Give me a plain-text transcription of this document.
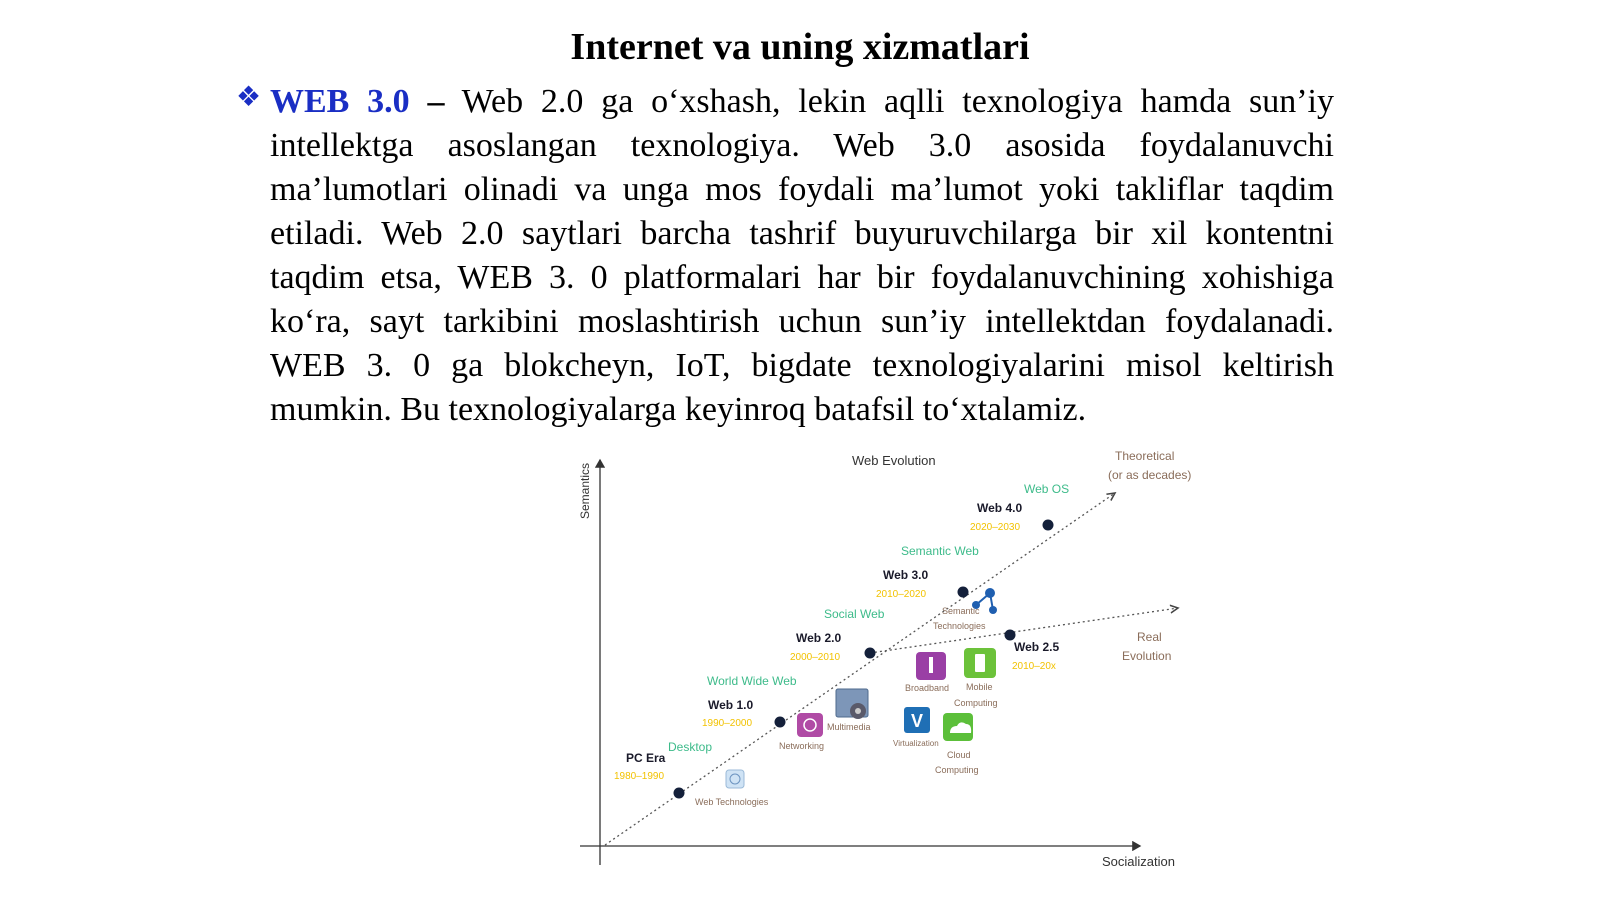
Internet va uning xizmatlari
❖ WEB 3.0 – Web 2.0 ga o‘xshash, lekin aqlli texnologiya hamda sun’iy intellektga asoslangan texnologiya. Web 3.0 asosida foydalanuvchi ma’lumotlari olinadi va unga mos foydali ma’lumot yoki takliflar taqdim etiladi. Web 2.0 saytlari barcha tashrif buyuruvchilarga bir xil kontentni taqdim etsa, WEB 3. 0 platformalari har bir foydalanuvchining xohishiga ko‘ra, sayt tarkibini moslashtirish uchun sun’iy intellektdan foydalanadi. WEB 3. 0 ga blokcheyn, IoT, bigdate texnologiyalarini misol keltirish mumkin. Bu texnologiyalarga keyinroq batafsil to‘xtalamiz.
Semantics
Socialization
Web Evolution	Theoretical (or as decades)
Real Evolution
Desktop
PC Era
1980–1990
World Wide Web
Web 1.0
1990–2000
Social Web
Web 2.0
2000–2010
Semantic Web
Web 3.0
2010–2020
Web OS
Web 4.0
2020–2030
Web 2.5
2010–20x
Web Technologies
Networking
Multimedia V
Virtualization
Cloud Computing
Broadband	Mobile Computing
Semantic Technologies
